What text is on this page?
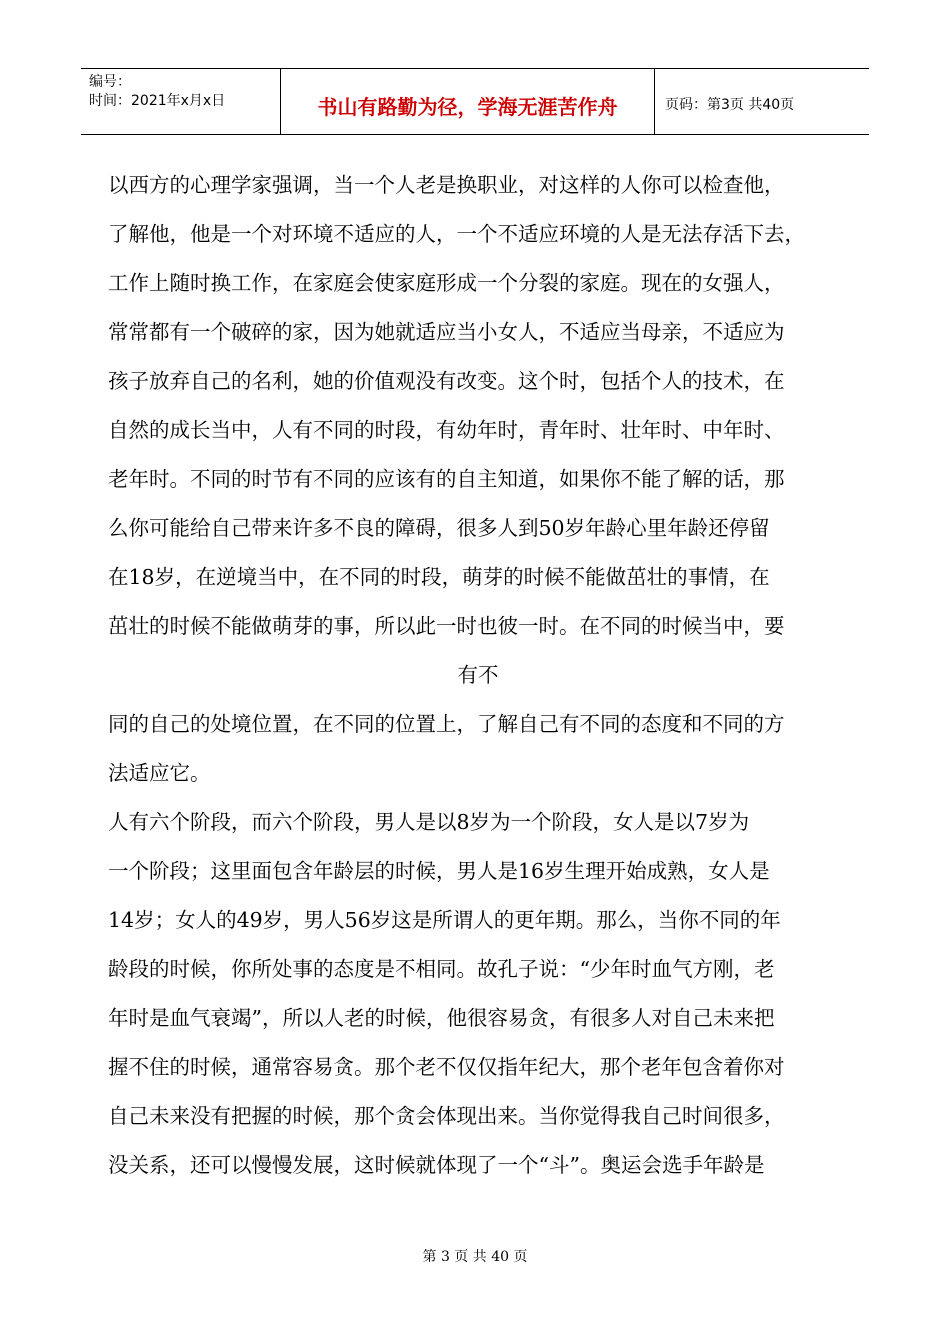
编号：
时间：2021年x月x日	书山有路勤为径，学海无涯苦作舟	页码：第3页 共40页
以西方的心理学家强调，当一个人老是换职业，对这样的人你可以检查他，
了解他，他是一个对环境不适应的人，一个不适应环境的人是无法存活下去，
工作上随时换工作，在家庭会使家庭形成一个分裂的家庭。现在的女强人，
常常都有一个破碎的家，因为她就适应当小女人，不适应当母亲，不适应为
孩子放弃自己的名利，她的价值观没有改变。这个时，包括个人的技术，在
自然的成长当中，人有不同的时段，有幼年时，青年时、壮年时、中年时、
老年时。不同的时节有不同的应该有的自主知道，如果你不能了解的话，那
么你可能给自己带来许多不良的障碍，很多人到50岁年龄心里年龄还停留
在18岁，在逆境当中，在不同的时段，萌芽的时候不能做茁壮的事情，在
茁壮的时候不能做萌芽的事，所以此一时也彼一时。在不同的时候当中，要
有不
同的自己的处境位置，在不同的位置上，了解自己有不同的态度和不同的方
法适应它。
人有六个阶段，而六个阶段，男人是以8岁为一个阶段，女人是以7岁为
一个阶段；这里面包含年龄层的时候，男人是16岁生理开始成熟，女人是
14岁；女人的49岁，男人56岁这是所谓人的更年期。那么，当你不同的年
龄段的时候，你所处事的态度是不相同。故孔子说：“少年时血气方刚，老
年时是血气衰竭”，所以人老的时候，他很容易贪，有很多人对自己未来把
握不住的时候，通常容易贪。那个老不仅仅指年纪大，那个老年包含着你对
自己未来没有把握的时候，那个贪会体现出来。当你觉得我自己时间很多，
没关系，还可以慢慢发展，这时候就体现了一个“斗”。奥运会选手年龄是
第 3 页 共 40 页
